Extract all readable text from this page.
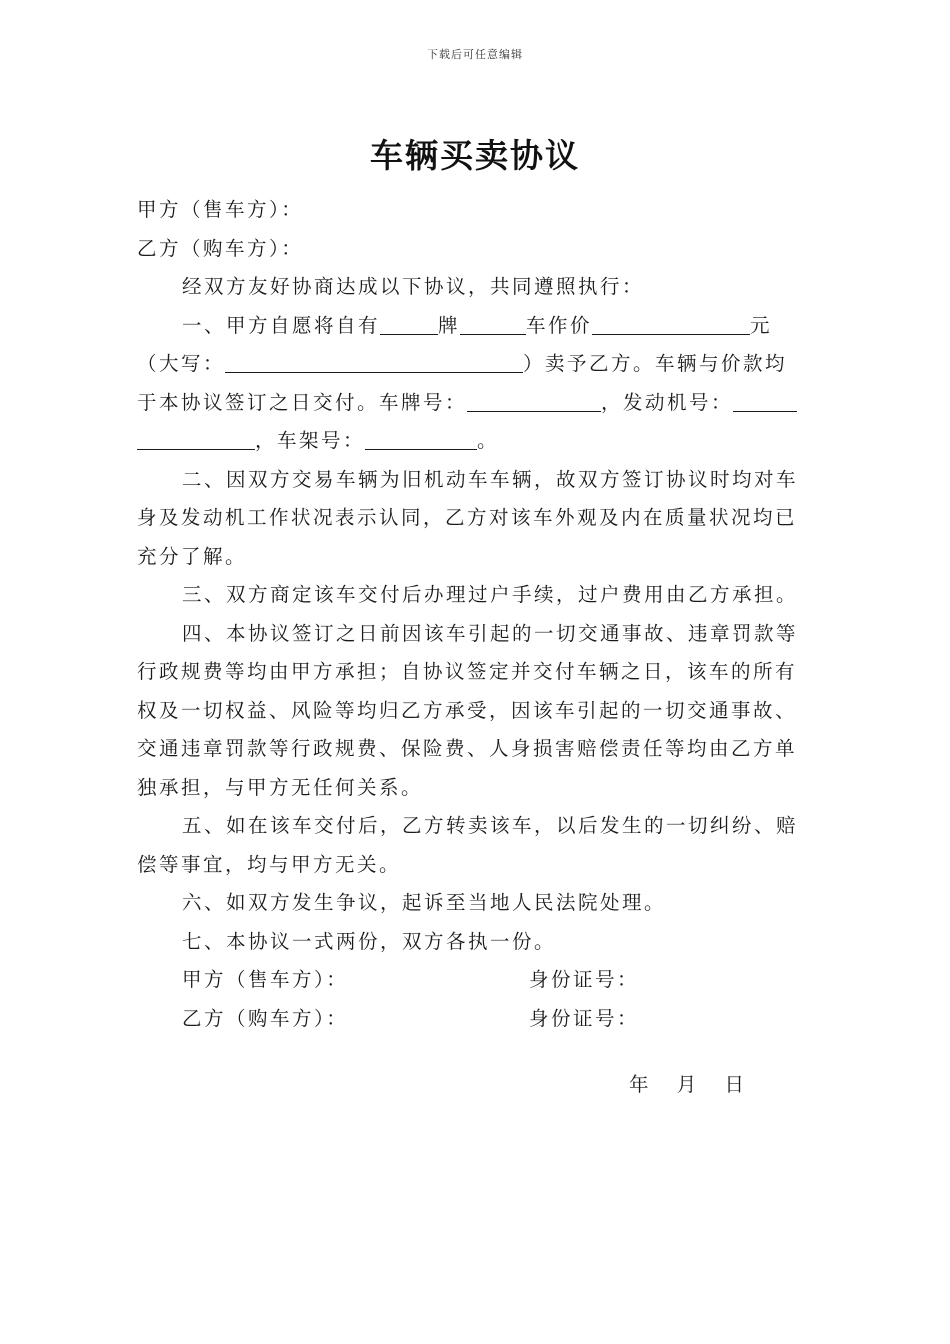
下载后可任意编辑
车辆买卖协议
甲方（售车方）：
乙方（购车方）：
经双方友好协商达成以下协议，共同遵照执行：
一、甲方自愿将自有	牌	车作价	元
（大写：	）卖予乙方。车辆与价款均
于本协议签订之日交付。车牌号：	，发动机号：
，车架号：	。
二、因双方交易车辆为旧机动车车辆，故双方签订协议时均对车
身及发动机工作状况表示认同，乙方对该车外观及内在质量状况均已
充分了解。
三、双方商定该车交付后办理过户手续，过户费用由乙方承担。
四、本协议签订之日前因该车引起的一切交通事故、违章罚款等
行政规费等均由甲方承担；自协议签定并交付车辆之日，该车的所有
权及一切权益、风险等均归乙方承受，因该车引起的一切交通事故、
交通违章罚款等行政规费、保险费、人身损害赔偿责任等均由乙方单
独承担，与甲方无任何关系。
五、如在该车交付后，乙方转卖该车，以后发生的一切纠纷、赔
偿等事宜，均与甲方无关。
六、如双方发生争议，起诉至当地人民法院处理。
七、本协议一式两份，双方各执一份。
甲方（售车方）：	身份证号：
乙方（购车方）：	身份证号：
年 月 日
